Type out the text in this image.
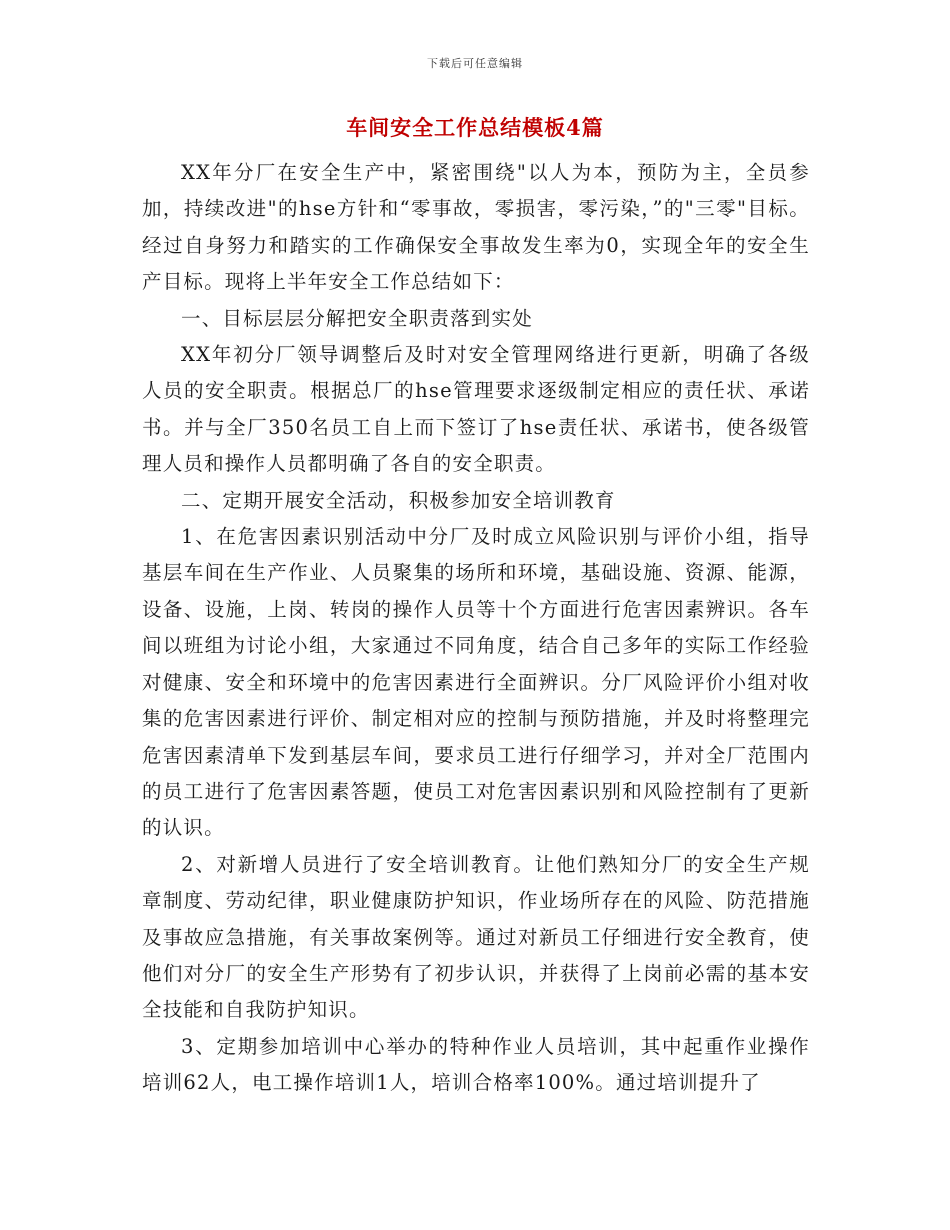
下载后可任意编辑
车间安全工作总结模板4篇

XX年分厂在安全生产中，紧密围绕"以人为本，预防为主，全员参加，持续改进"的hse方针和“零事故，零损害，零污染，”的"三零"目标。经过自身努力和踏实的工作确保安全事故发生率为0，实现全年的安全生产目标。现将上半年安全工作总结如下：

一、目标层层分解把安全职责落到实处

XX年初分厂领导调整后及时对安全管理网络进行更新，明确了各级人员的安全职责。根据总厂的hse管理要求逐级制定相应的责任状、承诺书。并与全厂350名员工自上而下签订了hse责任状、承诺书，使各级管理人员和操作人员都明确了各自的安全职责。

二、定期开展安全活动，积极参加安全培训教育

1、在危害因素识别活动中分厂及时成立风险识别与评价小组，指导基层车间在生产作业、人员聚集的场所和环境，基础设施、资源、能源，设备、设施，上岗、转岗的操作人员等十个方面进行危害因素辨识。各车间以班组为讨论小组，大家通过不同角度，结合自己多年的实际工作经验对健康、安全和环境中的危害因素进行全面辨识。分厂风险评价小组对收集的危害因素进行评价、制定相对应的控制与预防措施，并及时将整理完危害因素清单下发到基层车间，要求员工进行仔细学习，并对全厂范围内的员工进行了危害因素答题，使员工对危害因素识别和风险控制有了更新的认识。

2、对新增人员进行了安全培训教育。让他们熟知分厂的安全生产规章制度、劳动纪律，职业健康防护知识，作业场所存在的风险、防范措施及事故应急措施，有关事故案例等。通过对新员工仔细进行安全教育，使他们对分厂的安全生产形势有了初步认识，并获得了上岗前必需的基本安全技能和自我防护知识。

3、定期参加培训中心举办的特种作业人员培训，其中起重作业操作培训62人，电工操作培训1人，培训合格率100%。通过培训提升了
